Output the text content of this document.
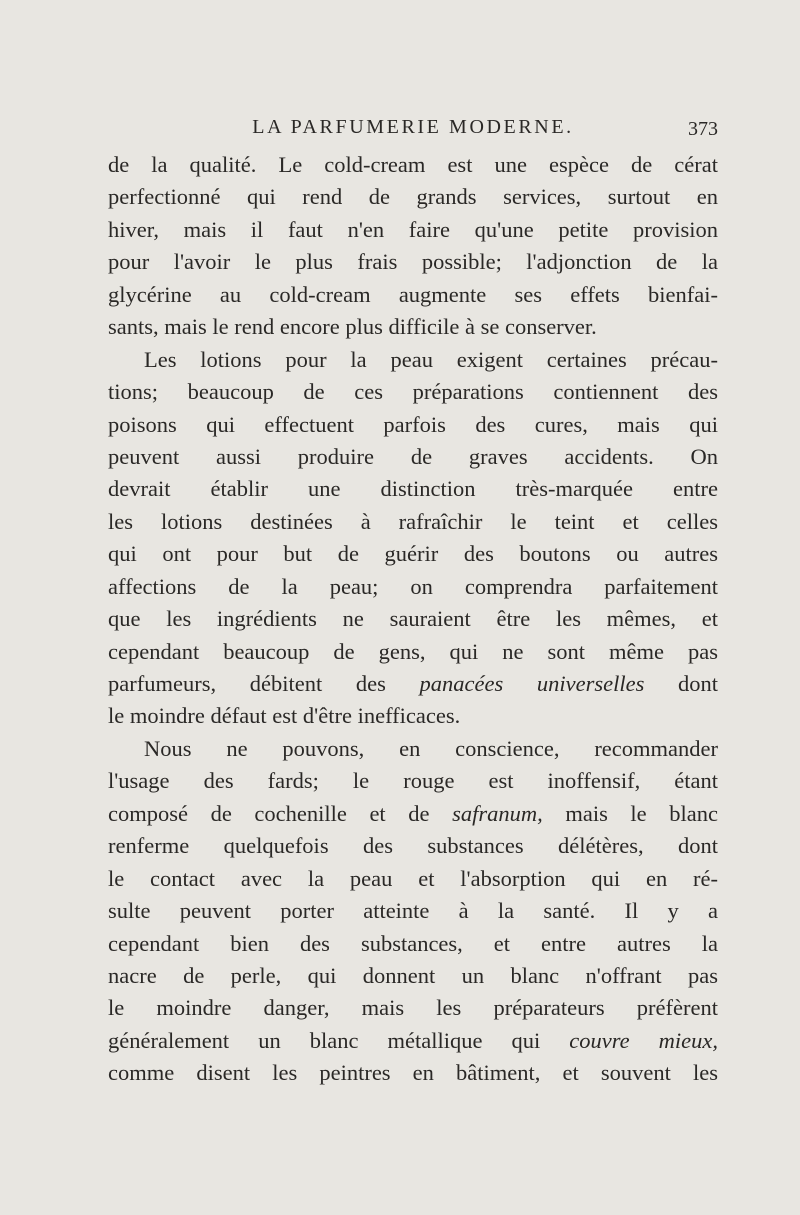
LA PARFUMERIE MODERNE.	373
de la qualité. Le cold-cream est une espèce de cérat
perfectionné qui rend de grands services, surtout en
hiver, mais il faut n'en faire qu'une petite provision
pour l'avoir le plus frais possible; l'adjonction de la
glycérine au cold-cream augmente ses effets bienfai-
sants, mais le rend encore plus difficile à se conserver.
Les lotions pour la peau exigent certaines précau-
tions; beaucoup de ces préparations contiennent des
poisons qui effectuent parfois des cures, mais qui
peuvent aussi produire de graves accidents. On
devrait établir une distinction très-marquée entre
les lotions destinées à rafraîchir le teint et celles
qui ont pour but de guérir des boutons ou autres
affections de la peau; on comprendra parfaitement
que les ingrédients ne sauraient être les mêmes, et
cependant beaucoup de gens, qui ne sont même pas
parfumeurs, débitent des panacées universelles dont
le moindre défaut est d'être inefficaces.
Nous ne pouvons, en conscience, recommander
l'usage des fards; le rouge est inoffensif, étant
composé de cochenille et de safranum, mais le blanc
renferme quelquefois des substances délétères, dont
le contact avec la peau et l'absorption qui en ré-
sulte peuvent porter atteinte à la santé. Il y a
cependant bien des substances, et entre autres la
nacre de perle, qui donnent un blanc n'offrant pas
le moindre danger, mais les préparateurs préfèrent
généralement un blanc métallique qui couvre mieux,
comme disent les peintres en bâtiment, et souvent les
